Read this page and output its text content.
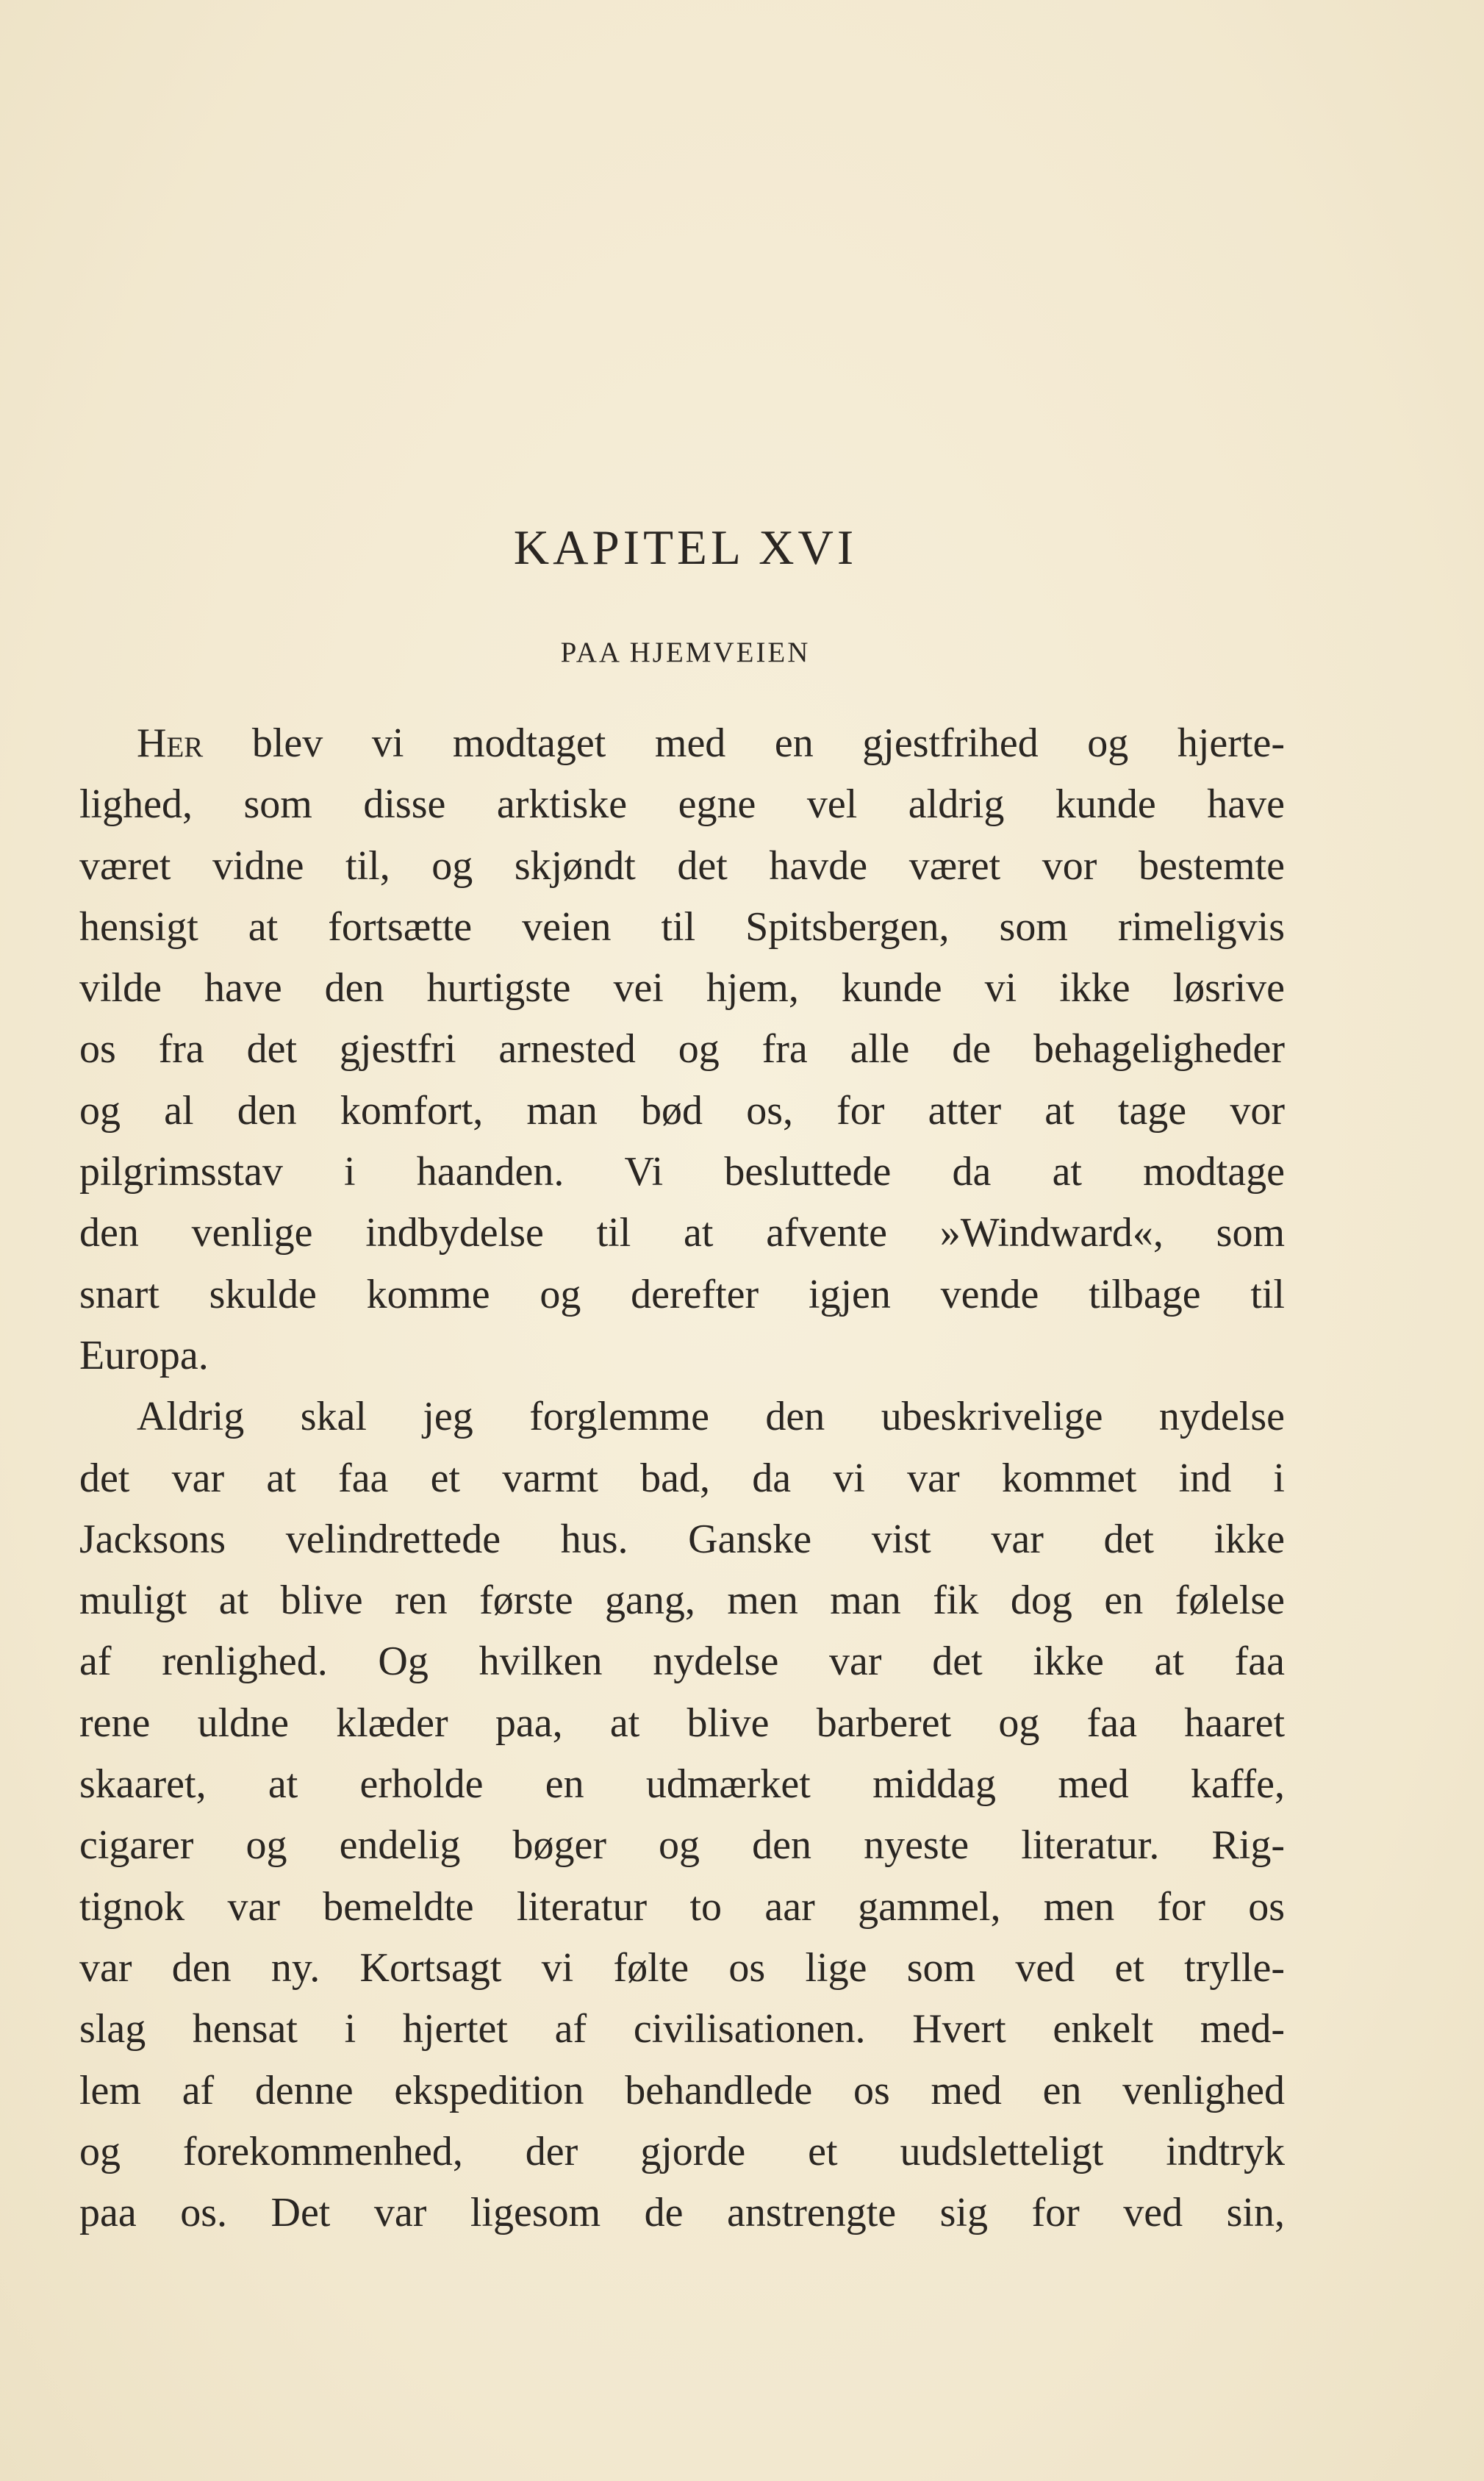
KAPITEL XVI
PAA HJEMVEIEN
Her blev vi modtaget med en gjestfrihed og hjerte-
lighed, som disse arktiske egne vel aldrig kunde have
været vidne til, og skjøndt det havde været vor bestemte
hensigt at fortsætte veien til Spitsbergen, som rimeligvis
vilde have den hurtigste vei hjem, kunde vi ikke løsrive
os fra det gjestfri arnested og fra alle de behageligheder
og al den komfort, man bød os, for atter at tage vor
pilgrimsstav i haanden. Vi besluttede da at modtage
den venlige indbydelse til at afvente »Windward«, som
snart skulde komme og derefter igjen vende tilbage til
Europa.
Aldrig skal jeg forglemme den ubeskrivelige nydelse
det var at faa et varmt bad, da vi var kommet ind i
Jacksons velindrettede hus. Ganske vist var det ikke
muligt at blive ren første gang, men man fik dog en følelse
af renlighed. Og hvilken nydelse var det ikke at faa
rene uldne klæder paa, at blive barberet og faa haaret
skaaret, at erholde en udmærket middag med kaffe,
cigarer og endelig bøger og den nyeste literatur. Rig-
tignok var bemeldte literatur to aar gammel, men for os
var den ny. Kortsagt vi følte os lige som ved et trylle-
slag hensat i hjertet af civilisationen. Hvert enkelt med-
lem af denne ekspedition behandlede os med en venlighed
og forekommenhed, der gjorde et uudsletteligt indtryk
paa os. Det var ligesom de anstrengte sig for ved sin,
